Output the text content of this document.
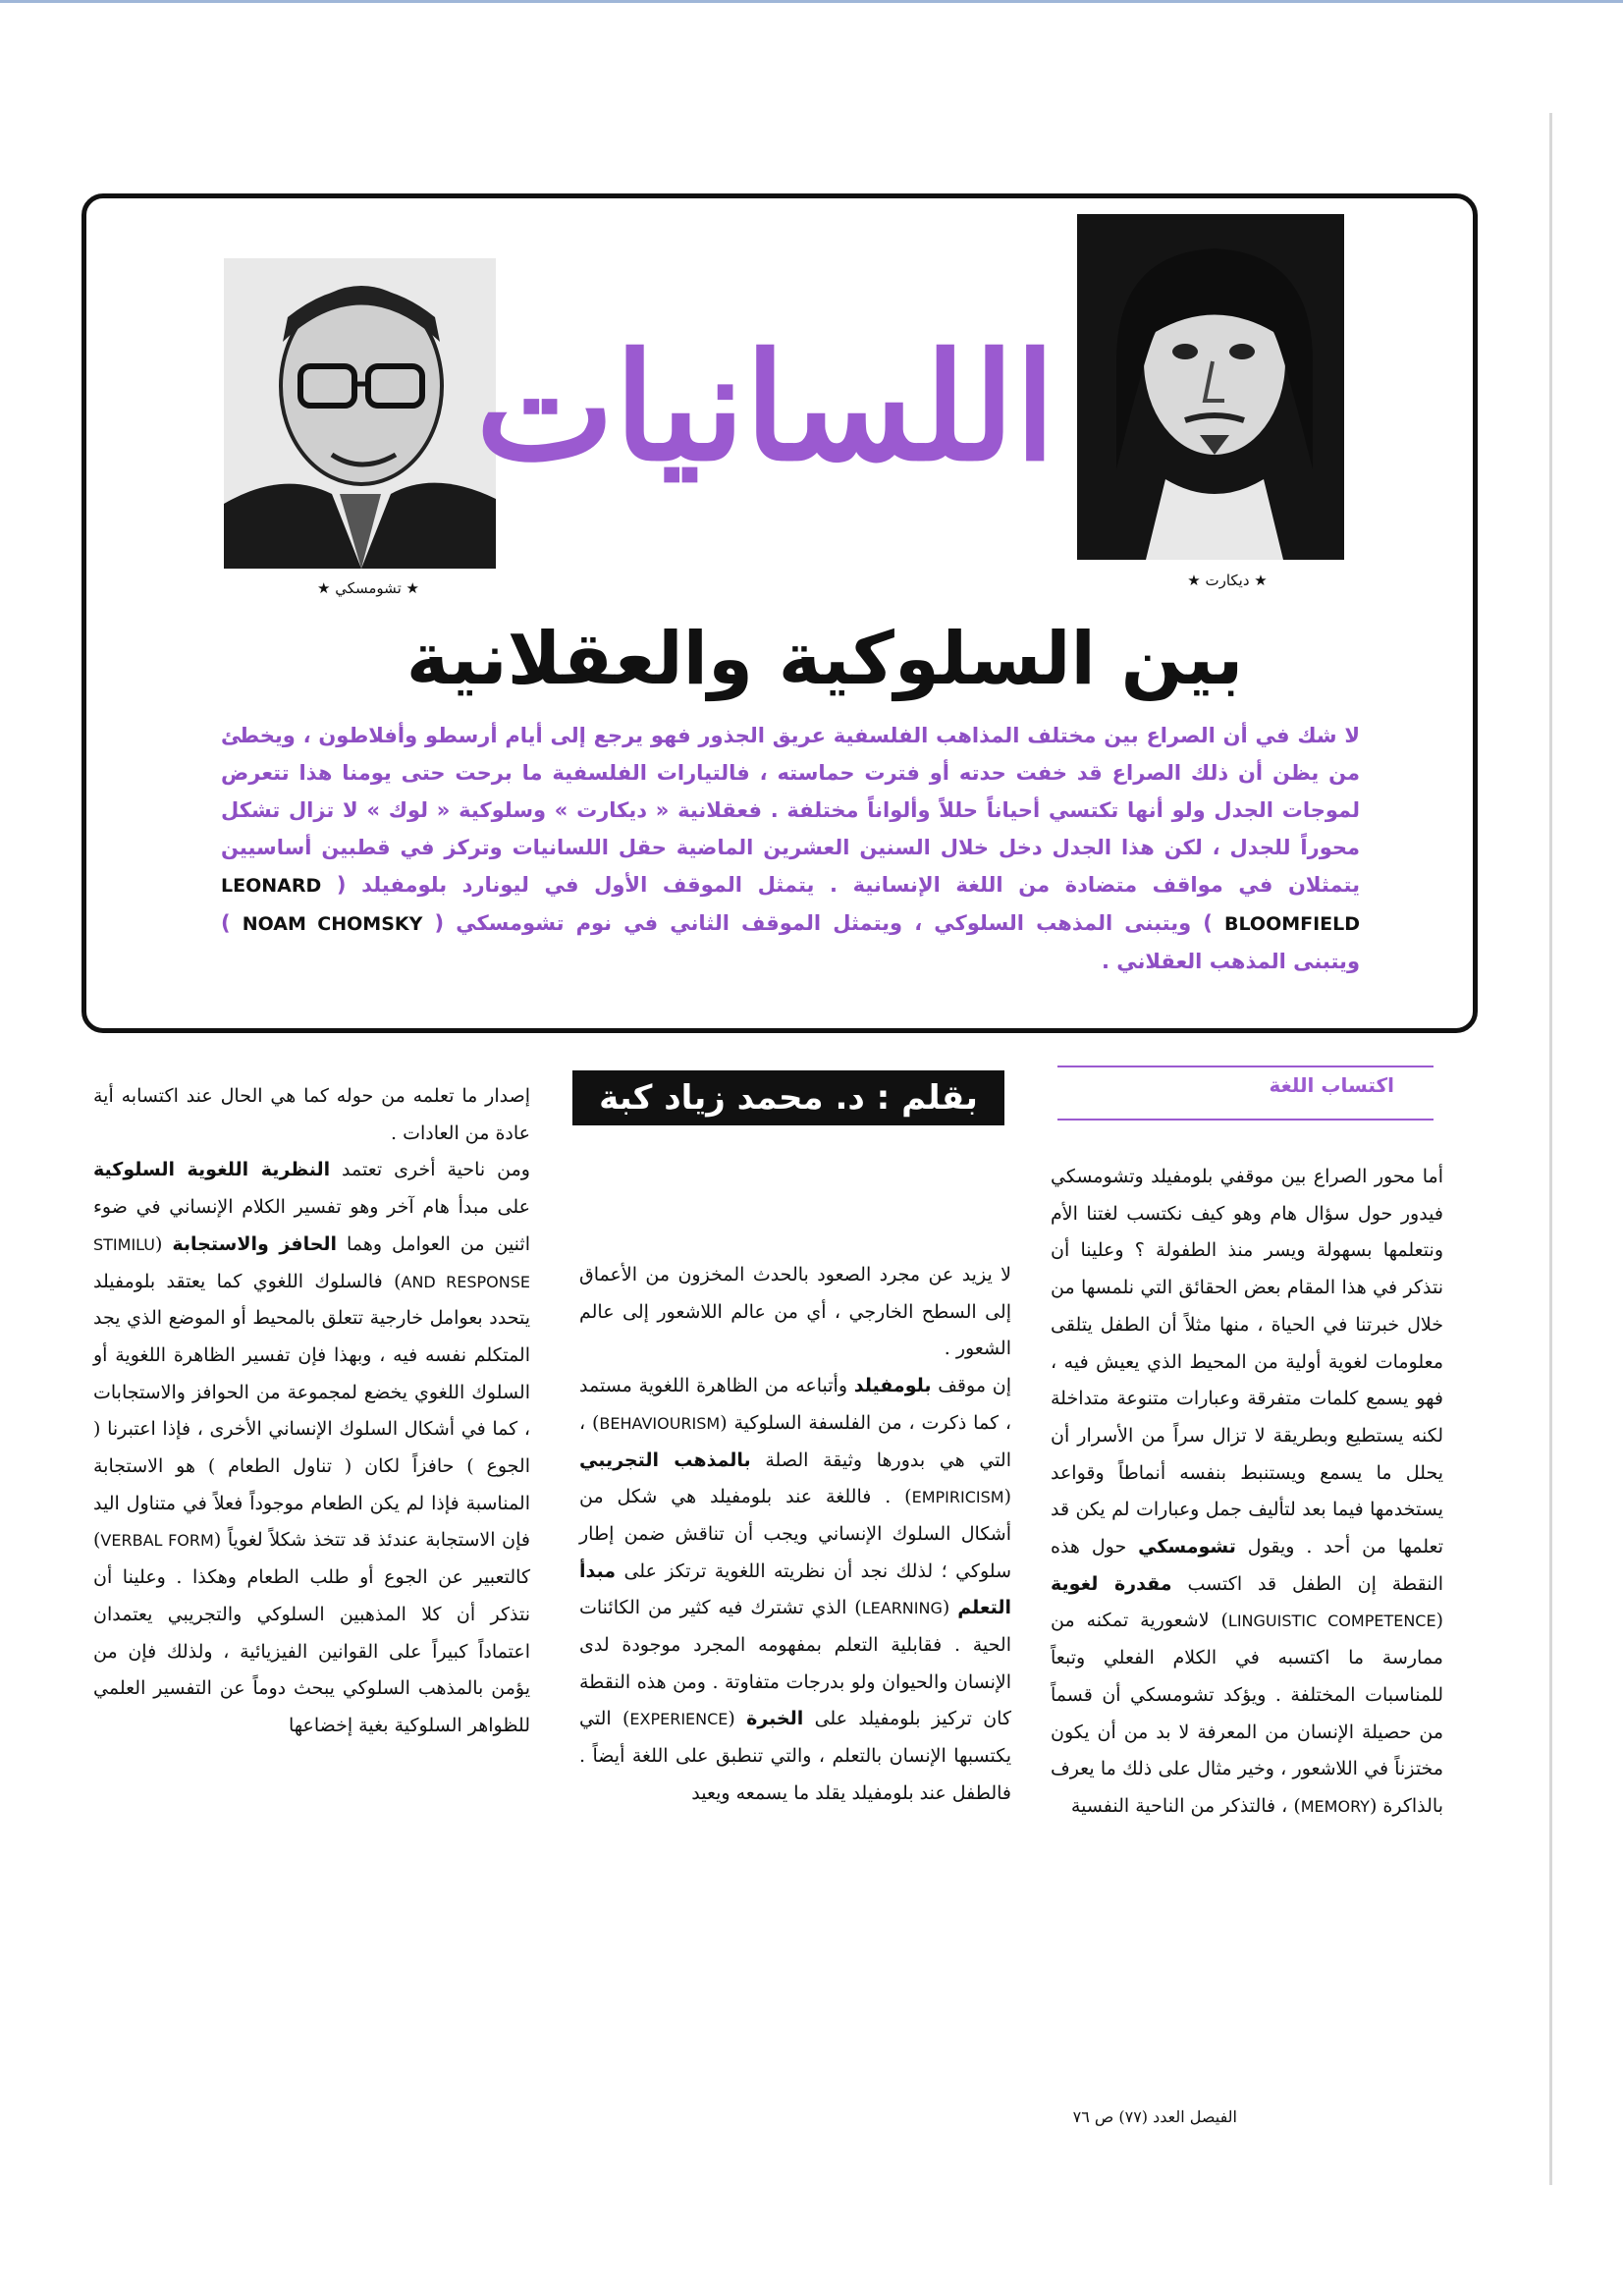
★ تشومسكي ★	★ ديكارت ★
اللسانيات
بين السلوكية والعقلانية
لا شك في أن الصراع بين مختلف المذاهب الفلسفية عريق الجذور فهو يرجع إلى أيام أرسطو وأفلاطون ، ويخطئ من يظن أن ذلك الصراع قد خفت حدته أو فترت حماسته ، فالتيارات الفلسفية ما برحت حتى يومنا هذا تتعرض لموجات الجدل ولو أنها تكتسي أحياناً حللاً وألواناً مختلفة . فعقلانية « ديكارت » وسلوكية « لوك » لا تزال تشكل محوراً للجدل ، لكن هذا الجدل دخل خلال السنين العشرين الماضية حقل اللسانيات وتركز في قطبين أساسيين يتمثلان في مواقف متضادة من اللغة الإنسانية . يتمثل الموقف الأول في ليونارد بلومفيلد ( LEONARD BLOOMFIELD ) ويتبنى المذهب السلوكي ، ويتمثل الموقف الثاني في نوم تشومسكي ( NOAM CHOMSKY ) ويتبنى المذهب العقلاني .
اكتساب اللغة
بقلم : د. محمد زياد كبة

أما محور الصراع بين موقفي بلومفيلد وتشومسكي فيدور حول سؤال هام وهو كيف نكتسب لغتنا الأم ونتعلمها بسهولة ويسر منذ الطفولة ؟ وعلينا أن نتذكر في هذا المقام بعض الحقائق التي نلمسها من خلال خبرتنا في الحياة ، منها مثلاً أن الطفل يتلقى معلومات لغوية أولية من المحيط الذي يعيش فيه ، فهو يسمع كلمات متفرقة وعبارات متنوعة متداخلة لكنه يستطيع وبطريقة لا تزال سراً من الأسرار أن يحلل ما يسمع ويستنبط بنفسه أنماطاً وقواعد يستخدمها فيما بعد لتأليف جمل وعبارات لم يكن قد تعلمها من أحد . ويقول تشومسكي حول هذه النقطة إن الطفل قد اكتسب مقدرة لغوية (LINGUISTIC COMPETENCE) لاشعورية تمكنه من ممارسة ما اكتسبه في الكلام الفعلي وتبعاً للمناسبات المختلفة . ويؤكد تشومسكي أن قسماً من حصيلة الإنسان من المعرفة لا بد من أن يكون مختزناً في اللاشعور ، وخير مثال على ذلك ما يعرف بالذاكرة (MEMORY) ، فالتذكر من الناحية النفسية

لا يزيد عن مجرد الصعود بالحدث المخزون من الأعماق إلى السطح الخارجي ، أي من عالم اللاشعور إلى عالم الشعور .

إن موقف بلومفيلد وأتباعه من الظاهرة اللغوية مستمد ، كما ذكرت ، من الفلسفة السلوكية (BEHAVIOURISM) ، التي هي بدورها وثيقة الصلة بالمذهب التجريبي (EMPIRICISM) . فاللغة عند بلومفيلد هي شكل من أشكال السلوك الإنساني ويجب أن تناقش ضمن إطار سلوكي ؛ لذلك نجد أن نظريته اللغوية ترتكز على مبدأ التعلم (LEARNING) الذي تشترك فيه كثير من الكائنات الحية . فقابلية التعلم بمفهومه المجرد موجودة لدى الإنسان والحيوان ولو بدرجات متفاوتة . ومن هذه النقطة كان تركيز بلومفيلد على الخبرة (EXPERIENCE) التي يكتسبها الإنسان بالتعلم ، والتي تنطبق على اللغة أيضاً . فالطفل عند بلومفيلد يقلد ما يسمعه ويعيد

إصدار ما تعلمه من حوله كما هي الحال عند اكتسابه أية عادة من العادات .

ومن ناحية أخرى تعتمد النظرية اللغوية السلوكية على مبدأ هام آخر وهو تفسير الكلام الإنساني في ضوء اثنين من العوامل وهما الحافز والاستجابة (STIMILU AND RESPONSE) فالسلوك اللغوي كما يعتقد بلومفيلد يتحدد بعوامل خارجية تتعلق بالمحيط أو الموضع الذي يجد المتكلم نفسه فيه ، وبهذا فإن تفسير الظاهرة اللغوية أو السلوك اللغوي يخضع لمجموعة من الحوافز والاستجابات ، كما في أشكال السلوك الإنساني الأخرى ، فإذا اعتبرنا ( الجوع ) حافزاً لكان ( تناول الطعام ) هو الاستجابة المناسبة فإذا لم يكن الطعام موجوداً فعلاً في متناول اليد فإن الاستجابة عندئذ قد تتخذ شكلاً لغوياً (VERBAL FORM) كالتعبير عن الجوع أو طلب الطعام وهكذا . وعلينا أن نتذكر أن كلا المذهبين السلوكي والتجريبي يعتمدان اعتماداً كبيراً على القوانين الفيزيائية ، ولذلك فإن من يؤمن بالمذهب السلوكي يبحث دوماً عن التفسير العلمي للظواهر السلوكية بغية إخضاعها

الفيصل العدد (٧٧) ص ٧٦
